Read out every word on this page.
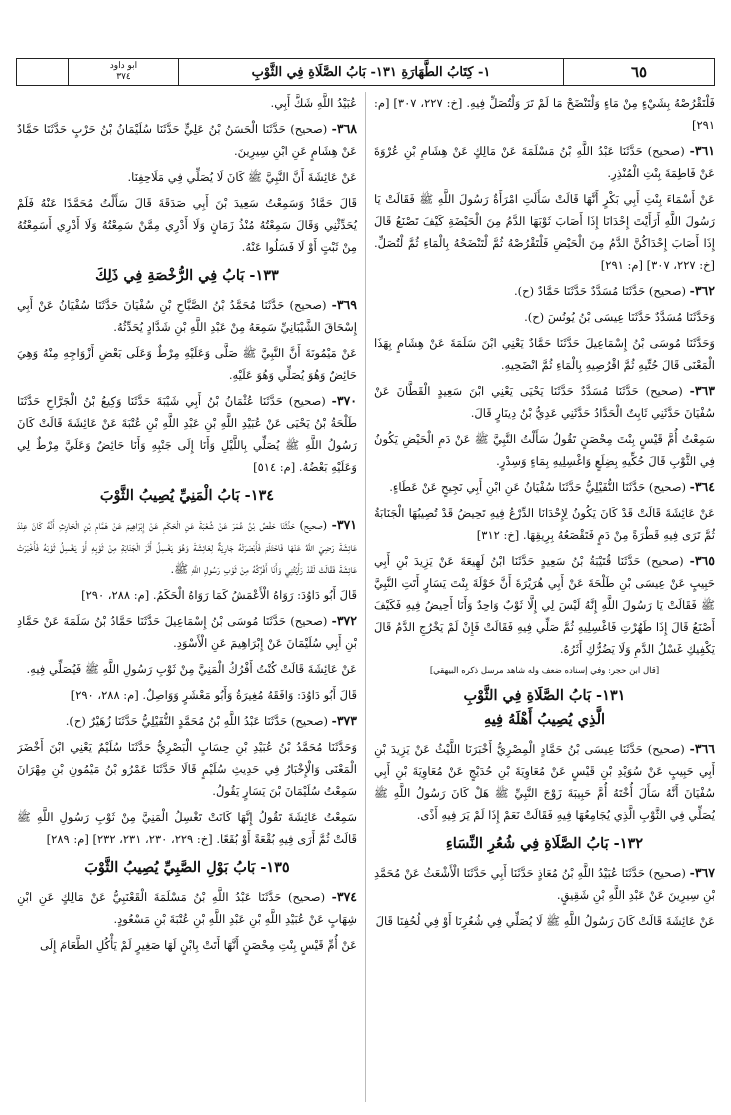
ابو داود
٣٧٤	١- كِتَابُ الطَّهَارَةِ ١٣١- بَابُ الصَّلَاةِ فِي الثَّوْبِ	٦٥

فَلْتَقْرُصْهُ بِشَيْءٍ مِنْ مَاءٍ وَلْتَنْضَحْ مَا لَمْ تَرَ وَلْتُصَلِّ فِيهِ. [خ: ٢٢٧، ٣٠٧] [م: ٢٩١]

٣٦١- (صحيح) حَدَّثَنَا عَبْدُ اللَّهِ بْنُ مَسْلَمَةَ عَنْ مَالِكٍ عَنْ هِشَامِ بْنِ عُرْوَةَ عَنْ فَاطِمَةَ بِنْتِ الْمُنْذِرِ.

عَنْ أَسْمَاءَ بِنْتِ أَبِي بَكْرٍ أَنَّهَا قَالَتْ سَأَلَتِ امْرَأَةٌ رَسُولَ اللَّهِ ﷺ فَقَالَتْ يَا رَسُولَ اللَّهِ أَرَأَيْتَ إِحْدَانَا إِذَا أَصَابَ ثَوْبَهَا الدَّمُ مِنَ الْحَيْضَةِ كَيْفَ تَصْنَعُ قَالَ إِذَا أَصَابَ إِحْدَاكُنَّ الدَّمُ مِنَ الْحَيْضِ فَلْتَقْرُصْهُ ثُمَّ لْتَنْضَحْهُ بِالْمَاءِ ثُمَّ لْتُصَلِّ. [خ: ٢٢٧، ٣٠٧] [م: ٢٩١]

٣٦٢- (صحيح) حَدَّثَنَا مُسَدَّدٌ حَدَّثَنَا حَمَّادٌ (ح).

وَحَدَّثَنَا مُسَدَّدٌ حَدَّثَنَا عِيسَى بْنُ يُونُسَ (ح).

وَحَدَّثَنَا مُوسَى بْنُ إِسْمَاعِيلَ حَدَّثَنَا حَمَّادٌ يَعْنِي ابْنَ سَلَمَةَ عَنْ هِشَامٍ بِهَذَا الْمَعْنَى قَالَ حُتِّيهِ ثُمَّ اقْرُصِيهِ بِالْمَاءِ ثُمَّ انْضَحِيهِ.

٣٦٣- (صحيح) حَدَّثَنَا مُسَدَّدٌ حَدَّثَنَا يَحْيَى يَعْنِي ابْنَ سَعِيدٍ الْقَطَّانَ عَنْ سُفْيَانَ حَدَّثَنِي ثَابِتٌ الْحَدَّادُ حَدَّثَنِي عَدِيُّ بْنُ دِينَارٍ قَالَ.

سَمِعْتُ أُمَّ قَيْسٍ بِنْتَ مِحْصَنٍ تَقُولُ سَأَلْتُ النَّبِيَّ ﷺ عَنْ دَمِ الْحَيْضِ يَكُونُ فِي الثَّوْبِ قَالَ حُكِّيهِ بِضِلَعٍ وَاغْسِلِيهِ بِمَاءٍ وَسِدْرٍ.

٣٦٤- (صحيح) حَدَّثَنَا النُّفَيْلِيُّ حَدَّثَنَا سُفْيَانُ عَنِ ابْنِ أَبِي نَجِيحٍ عَنْ عَطَاءٍ.

عَنْ عَائِشَةَ قَالَتْ قَدْ كَانَ يَكُونُ لِإِحْدَانَا الدِّرْعُ فِيهِ تَحِيضُ قَدْ تُصِيبُهَا الْجَنَابَةُ ثُمَّ تَرَى فِيهِ قَطْرَةً مِنْ دَمٍ فَتَقْصَعُهُ بِرِيقِهَا. [خ: ٣١٢]

٣٦٥- (صحيح) حَدَّثَنَا قُتَيْبَةُ بْنُ سَعِيدٍ حَدَّثَنَا ابْنُ لَهِيعَةَ عَنْ يَزِيدَ بْنِ أَبِي حَبِيبٍ عَنْ عِيسَى بْنِ طَلْحَةَ عَنْ أَبِي هُرَيْرَةَ أَنَّ خَوْلَةَ بِنْتَ يَسَارٍ أَتَتِ النَّبِيَّ ﷺ فَقَالَتْ يَا رَسُولَ اللَّهِ إِنَّهُ لَيْسَ لِي إِلَّا ثَوْبٌ وَاحِدٌ وَأَنَا أَحِيضُ فِيهِ فَكَيْفَ أَصْنَعُ قَالَ إِذَا طَهُرْتِ فَاغْسِلِيهِ ثُمَّ صَلِّي فِيهِ فَقَالَتْ فَإِنْ لَمْ يَخْرُجِ الدَّمُ قَالَ يَكْفِيكِ غَسْلُ الدَّمِ وَلَا يَضُرُّكِ أَثَرُهُ.

[قال ابن حجر: وفي إسناده ضعف وله شاهد مرسل ذكره البيهقي]
١٣١- بَابُ الصَّلَاةِ فِي الثَّوْبِ
الَّذِي يُصِيبُ أَهْلَهُ فِيهِ

٣٦٦- (صحيح) حَدَّثَنَا عِيسَى بْنُ حَمَّادٍ الْمِصْرِيُّ أَخْبَرَنَا اللَّيْثُ عَنْ يَزِيدَ بْنِ أَبِي حَبِيبٍ عَنْ سُوَيْدِ بْنِ قَيْسٍ عَنْ مُعَاوِيَةَ بْنِ حُدَيْجٍ عَنْ مُعَاوِيَةَ بْنِ أَبِي سُفْيَانَ أَنَّهُ سَأَلَ أُخْتَهُ أُمَّ حَبِيبَةَ زَوْجَ النَّبِيِّ ﷺ هَلْ كَانَ رَسُولُ اللَّهِ ﷺ يُصَلِّي فِي الثَّوْبِ الَّذِي يُجَامِعُهَا فِيهِ فَقَالَتْ نَعَمْ إِذَا لَمْ يَرَ فِيهِ أَذًى.

١٣٢- بَابُ الصَّلَاةِ فِي شُعُرِ النِّسَاءِ

٣٦٧- (صحيح) حَدَّثَنَا عُبَيْدُ اللَّهِ بْنُ مُعَاذٍ حَدَّثَنَا أَبِي حَدَّثَنَا الْأَشْعَثُ عَنْ مُحَمَّدِ بْنِ سِيرِينَ عَنْ عَبْدِ اللَّهِ بْنِ شَقِيقٍ.

عَنْ عَائِشَةَ قَالَتْ كَانَ رَسُولُ اللَّهِ ﷺ لَا يُصَلِّي فِي شُعُرِنَا أَوْ فِي لُحُفِنَا قَالَ

عُبَيْدُ اللَّهِ شَكَّ أَبِي.

٣٦٨- (صحيح) حَدَّثَنَا الْحَسَنُ بْنُ عَلِيٍّ حَدَّثَنَا سُلَيْمَانُ بْنُ حَرْبٍ حَدَّثَنَا حَمَّادٌ عَنْ هِشَامٍ عَنِ ابْنِ سِيرِينَ.

عَنْ عَائِشَةَ أَنَّ النَّبِيَّ ﷺ كَانَ لَا يُصَلِّي فِي مَلَاحِفِنَا.

قَالَ حَمَّادٌ وَسَمِعْتُ سَعِيدَ بْنَ أَبِي صَدَقَةَ قَالَ سَأَلْتُ مُحَمَّدًا عَنْهُ فَلَمْ يُحَدِّثْنِي وَقَالَ سَمِعْتُهُ مُنْذُ زَمَانٍ وَلَا أَدْرِي مِمَّنْ سَمِعْتُهُ وَلَا أَدْرِي أَسَمِعْتُهُ مِنْ ثَبْتٍ أَوْ لَا فَسَلُوا عَنْهُ.

١٣٣- بَابُ فِي الرُّخْصَةِ فِي ذَلِكَ

٣٦٩- (صحيح) حَدَّثَنَا مُحَمَّدُ بْنُ الصَّبَّاحِ بْنِ سُفْيَانَ حَدَّثَنَا سُفْيَانُ عَنْ أَبِي إِسْحَاقَ الشَّيْبَانِيِّ سَمِعَهُ مِنْ عَبْدِ اللَّهِ بْنِ شَدَّادٍ يُحَدِّثُهُ.

عَنْ مَيْمُونَةَ أَنَّ النَّبِيَّ ﷺ صَلَّى وَعَلَيْهِ مِرْطٌ وَعَلَى بَعْضِ أَزْوَاجِهِ مِنْهُ وَهِيَ حَائِضٌ وَهُوَ يُصَلِّي وَهُوَ عَلَيْهِ.

٣٧٠- (صحيح) حَدَّثَنَا عُثْمَانُ بْنُ أَبِي شَيْبَةَ حَدَّثَنَا وَكِيعُ بْنُ الْجَرَّاحِ حَدَّثَنَا طَلْحَةُ بْنُ يَحْيَى عَنْ عُبَيْدِ اللَّهِ بْنِ عَبْدِ اللَّهِ بْنِ عُتْبَةَ عَنْ عَائِشَةَ قَالَتْ كَانَ رَسُولُ اللَّهِ ﷺ يُصَلِّي بِاللَّيْلِ وَأَنَا إِلَى جَنْبِهِ وَأَنَا حَائِضٌ وَعَلَيَّ مِرْطٌ لِي وَعَلَيْهِ بَعْضُهُ. [م: ٥١٤]

١٣٤- بَابُ الْمَنِيِّ يُصِيبُ الثَّوْبَ

٣٧١- (صحيح) حَدَّثَنَا حَفْصُ بْنُ عُمَرَ عَنْ شُعْبَةَ عَنِ الْحَكَمِ عَنْ إِبْرَاهِيمَ عَنْ هَمَّامِ بْنِ الْحَارِثِ أَنَّهُ كَانَ عِنْدَ عَائِشَةَ رَضِيَ اللَّهُ عَنْهَا فَاحْتَلَمَ فَأَبْصَرَتْهُ جَارِيَةٌ لِعَائِشَةَ وَهُوَ يَغْسِلُ أَثَرَ الْجَنَابَةِ مِنْ ثَوْبِهِ أَوْ يَغْسِلُ ثَوْبَهُ فَأَخْبَرَتْ عَائِشَةَ فَقَالَتْ لَقَدْ رَأَيْتُنِي وَأَنَا أَفْرُكُهُ مِنْ ثَوْبِ رَسُولِ اللَّهِ ﷺ.

قَالَ أَبُو دَاوُدَ: رَوَاهُ الْأَعْمَشُ كَمَا رَوَاهُ الْحَكَمُ. [م: ٢٨٨، ٢٩٠]

٣٧٢- (صحيح) حَدَّثَنَا مُوسَى بْنُ إِسْمَاعِيلَ حَدَّثَنَا حَمَّادُ بْنُ سَلَمَةَ عَنْ حَمَّادِ بْنِ أَبِي سُلَيْمَانَ عَنْ إِبْرَاهِيمَ عَنِ الْأَسْوَدِ.

عَنْ عَائِشَةَ قَالَتْ كُنْتُ أَفْرُكُ الْمَنِيَّ مِنْ ثَوْبِ رَسُولِ اللَّهِ ﷺ فَيُصَلِّي فِيهِ.

قَالَ أَبُو دَاوُدَ: وَافَقَهُ مُغِيرَةُ وَأَبُو مَعْشَرٍ وَوَاصِلٌ. [م: ٢٨٨، ٢٩٠]

٣٧٣- (صحيح) حَدَّثَنَا عَبْدُ اللَّهِ بْنُ مُحَمَّدٍ النُّفَيْلِيُّ حَدَّثَنَا زُهَيْرٌ (ح).

وَحَدَّثَنَا مُحَمَّدُ بْنُ عُبَيْدِ بْنِ حِسَابٍ الْبَصْرِيُّ حَدَّثَنَا سُلَيْمٌ يَعْنِي ابْنَ أَخْضَرَ الْمَعْنَى وَالْإِخْبَارُ فِي حَدِيثِ سُلَيْمٍ قَالَا حَدَّثَنَا عَمْرُو بْنُ مَيْمُونِ بْنِ مِهْرَانَ سَمِعْتُ سُلَيْمَانَ بْنَ يَسَارٍ يَقُولُ.

سَمِعْتُ عَائِشَةَ تَقُولُ إِنَّهَا كَانَتْ تَغْسِلُ الْمَنِيَّ مِنْ ثَوْبِ رَسُولِ اللَّهِ ﷺ قَالَتْ ثُمَّ أَرَى فِيهِ بُقْعَةً أَوْ بُقَعًا. [خ: ٢٢٩، ٢٣٠، ٢٣١، ٢٣٢] [م: ٢٨٩]

١٣٥- بَابُ بَوْلِ الصَّبِيِّ يُصِيبُ الثَّوْبَ

٣٧٤- (صحيح) حَدَّثَنَا عَبْدُ اللَّهِ بْنُ مَسْلَمَةَ الْقَعْنَبِيُّ عَنْ مَالِكٍ عَنِ ابْنِ شِهَابٍ عَنْ عُبَيْدِ اللَّهِ بْنِ عَبْدِ اللَّهِ بْنِ عُتْبَةَ بْنِ مَسْعُودٍ.

عَنْ أُمِّ قَيْسٍ بِنْتِ مِحْصَنٍ أَنَّهَا أَتَتْ بِابْنٍ لَهَا صَغِيرٍ لَمْ يَأْكُلِ الطَّعَامَ إِلَى
